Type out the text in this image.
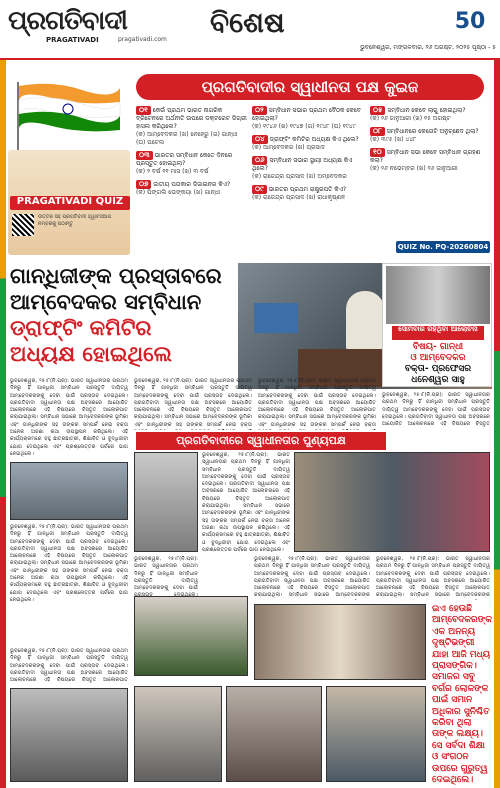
ପ୍ରଗତିବାଦୀ
PRAGATIVADI	pragativadi.com
ବିଶେଷ	50
ଭୁବନେଶ୍ୱର, ମଙ୍ଗଳବାର, ୨୬ ଅଗଷ୍ଟ, ୨୦୨୫ ପୃଷ୍ଠା - ୫
PRAGATIVADI QUIZ
ଉତ୍ତର ସହ ପ୍ରଗତିବାଦୀ ହ୍ୱାଟସଆପ ନମ୍ବରକୁ ପଠାନ୍ତୁ
ପ୍ରଗତିବାଦୀର ସ୍ୱାଧୀନତା ପକ୍ଷ କୁଇଜ
୦୧ କେଉଁ ପ୍ରଥମ ଭାରତ ନାଗରିକ ବ୍ରିଟେନରେ ଅର୍ଥନୀତି ଉପରେ ଡକ୍ଟରେଟ ଡିଗ୍ରୀ ହାସଲ କରିଥିଲେ?
(କ) ଆମ୍ବେଦକର (ଖ) ନେହେରୁ (ଗ) ଗାନ୍ଧୀ (ଘ) ପଟେଲ
୦୩ ଭାରତର ସମ୍ବିଧାନ କେତେ ଦିନରେ ପ୍ରସ୍ତୁତ ହୋଇଥିଲା?
(କ) ୨ ବର୍ଷ ୧୧ ମାସ (ଖ) ୩ ବର୍ଷ
୦୭ ଜାତୀୟ ପତାକାର ଡିଜାଇନର କିଏ?
(କ) ପିଙ୍ଗଲି ଭେଙ୍କୟା (ଖ) ଗାନ୍ଧୀ
୦୨ ସମ୍ବିଧାନ ସଭାର ପ୍ରଥମ ବୈଠକ କେବେ ହୋଇଥିଲା?
(କ) ୧୯୪୬ (ଖ) ୧୯୪୭ (ଗ) ୧୯୪୮ (ଘ) ୧୯୪୯
୦୪ ଡ୍ରାଫ୍ଟିଂ କମିଟିର ଅଧ୍ୟକ୍ଷ କିଏ ଥିଲେ?
(କ) ଆମ୍ବେଦକର (ଖ) ପ୍ରସାଦ
୦୬ ସମ୍ବିଧାନ ସଭାର ସ୍ଥାୟୀ ଅଧ୍ୟକ୍ଷ କିଏ ଥିଲେ?
(କ) ରାଜେନ୍ଦ୍ର ପ୍ରସାଦ (ଖ) ଅମ୍ବେଦକର
୦୯ ଭାରତର ପ୍ରଥମ ରାଷ୍ଟ୍ରପତି କିଏ?
(କ) ରାଜେନ୍ଦ୍ର ପ୍ରସାଦ (ଖ) ରାଧାକୃଷ୍ଣନ
୦୫ ସମ୍ବିଧାନ କେବେ ଲାଗୁ ହୋଇଥିଲା?
(କ) ୨୬ ଜାନୁଆରୀ (ଖ) ୧୫ ଅଗଷ୍ଟ
୦୮ ସମ୍ବିଧାନରେ କେତୋଟି ଅନୁଚ୍ଛେଦ ଥିଲା?
(କ) ୩୯୫ (ଖ) ୪୪୮
୧୦ ସମ୍ବିଧାନ ସଭା କେବେ ସମ୍ବିଧାନ ଗ୍ରହଣ କଲା?
(କ) ୨୬ ନଭେମ୍ବର (ଖ) ୨୬ ଜାନୁଆରୀ
QUIZ No. PQ-20260804
ଗାନ୍ଧିଜୀଙ୍କ ପ୍ରସ୍ତାବରେ
ଆମ୍ବେଦକର ସମ୍ବିଧାନ
ଡ୍ରାଫ୍ଟିଂ କମିଟିର
ଅଧ୍ୟକ୍ଷ ହୋଇଥିଲେ
ସୋମବାର ରହିଥିବା ଆଲୋଚନା
ବିଷୟ- ଗାନ୍ଧୀ
ଓ ଆମ୍ବେଦକର
ବକ୍ତା- ପ୍ରଫେସର
ଧନେଶ୍ୱର ସାହୁ
ଭୁବନେଶ୍ୱର, ୨୫।୮(ନି.ପ୍ର): ଭାରତ ସ୍ୱାଧୀନତାର ପ୍ରଥମ ଦିନରୁ ହିଁ ଗାନ୍ଧିଜୀ ସମ୍ବିଧାନ ପ୍ରସ୍ତୁତି ଦାୟିତ୍ୱ ଆମ୍ବେଦକରଙ୍କୁ ଦେବା ପାଇଁ ପ୍ରସ୍ତାବ ଦେଇଥିଲେ। ପ୍ରଗତିବାଦୀ ସ୍ୱାଧୀନତା ପକ୍ଷ ଅବସରରେ ଆୟୋଜିତ ଆଲୋଚନାରେ ଏହି ବିଷୟରେ ବିସ୍ତୃତ ଆଲୋକପାତ କରାଯାଇଥିଲା। ସମ୍ବିଧାନ ସଭାରେ ଆମ୍ବେଦକରଙ୍କ ଭୂମିକା ଏବଂ ଗାନ୍ଧିଜୀଙ୍କ ସହ ତାଙ୍କର ସମ୍ପର୍କ ନେଇ ବକ୍ତା ଅନେକ ଅଜଣା କଥା ଉପସ୍ଥାପନ କରିଥିଲେ। ଏହି କାର୍ଯ୍ୟକ୍ରମରେ ବହୁ ଛାତ୍ରଛାତ୍ରୀ, ଶିକ୍ଷାବିତ ଓ ବୁଦ୍ଧିଜୀବୀ ଯୋଗ ଦେଇଥିଲେ ଏବଂ ପ୍ରଶ୍ନୋତ୍ତର ପର୍ବରେ ଭାଗ ନେଇଥିଲେ।
ଭୁବନେଶ୍ୱର, ୨୫।୮(ନି.ପ୍ର): ଭାରତ ସ୍ୱାଧୀନତାର ପ୍ରଥମ ଦିନରୁ ହିଁ ଗାନ୍ଧିଜୀ ସମ୍ବିଧାନ ପ୍ରସ୍ତୁତି ଦାୟିତ୍ୱ ଆମ୍ବେଦକରଙ୍କୁ ଦେବା ପାଇଁ ପ୍ରସ୍ତାବ ଦେଇଥିଲେ। ପ୍ରଗତିବାଦୀ ସ୍ୱାଧୀନତା ପକ୍ଷ ଅବସରରେ ଆୟୋଜିତ ଆଲୋଚନାରେ ଏହି ବିଷୟରେ ବିସ୍ତୃତ ଆଲୋକପାତ କରାଯାଇଥିଲା। ସମ୍ବିଧାନ ସଭାରେ ଆମ୍ବେଦକରଙ୍କ ଭୂମିକା ଏବଂ ଗାନ୍ଧିଜୀଙ୍କ ସହ ତାଙ୍କର ସମ୍ପର୍କ ନେଇ ବକ୍ତା
ଭୁବନେଶ୍ୱର, ୨୫।୮(ନି.ପ୍ର): ଭାରତ ସ୍ୱାଧୀନତାର ପ୍ରଥମ ଦିନରୁ ହିଁ ଗାନ୍ଧିଜୀ ସମ୍ବିଧାନ ପ୍ରସ୍ତୁତି ଦାୟିତ୍ୱ ଆମ୍ବେଦକରଙ୍କୁ ଦେବା ପାଇଁ ପ୍ରସ୍ତାବ ଦେଇଥିଲେ। ପ୍ରଗତିବାଦୀ ସ୍ୱାଧୀନତା ପକ୍ଷ ଅବସରରେ ଆୟୋଜିତ ଆଲୋଚନାରେ ଏହି ବିଷୟରେ ବିସ୍ତୃତ ଆଲୋକପାତ କରାଯାଇଥିଲା। ସମ୍ବିଧାନ ସଭାରେ ଆମ୍ବେଦକରଙ୍କ ଭୂମିକା ଏବଂ ଗାନ୍ଧିଜୀଙ୍କ ସହ ତାଙ୍କର ସମ୍ପର୍କ ନେଇ ବକ୍ତା
ଭୁବନେଶ୍ୱର, ୨୫।୮(ନି.ପ୍ର): ଭାରତ ସ୍ୱାଧୀନତାର ପ୍ରଥମ ଦିନରୁ ହିଁ ଗାନ୍ଧିଜୀ ସମ୍ବିଧାନ ପ୍ରସ୍ତୁତି ଦାୟିତ୍ୱ ଆମ୍ବେଦକରଙ୍କୁ ଦେବା ପାଇଁ ପ୍ରସ୍ତାବ ଦେଇଥିଲେ। ପ୍ରଗତିବାଦୀ ସ୍ୱାଧୀନତା ପକ୍ଷ ଅବସରରେ ଆୟୋଜିତ ଆଲୋଚନାରେ ଏହି ବିଷୟରେ ବିସ୍ତୃତ
ପ୍ରଗତିବାଦୀରେ ସ୍ୱାଧୀନତାର ପୁଣ୍ୟପକ୍ଷ
ଭୁବନେଶ୍ୱର, ୨୫।୮(ନି.ପ୍ର): ଭାରତ ସ୍ୱାଧୀନତାର ପ୍ରଥମ ଦିନରୁ ହିଁ ଗାନ୍ଧିଜୀ ସମ୍ବିଧାନ ପ୍ରସ୍ତୁତି ଦାୟିତ୍ୱ ଆମ୍ବେଦକରଙ୍କୁ ଦେବା ପାଇଁ ପ୍ରସ୍ତାବ ଦେଇଥିଲେ। ପ୍ରଗତିବାଦୀ ସ୍ୱାଧୀନତା ପକ୍ଷ ଅବସରରେ ଆୟୋଜିତ ଆଲୋଚନାରେ ଏହି ବିଷୟରେ ବିସ୍ତୃତ ଆଲୋକପାତ କରାଯାଇଥିଲା। ସମ୍ବିଧାନ ସଭାରେ ଆମ୍ବେଦକରଙ୍କ ଭୂମିକା ଏବଂ ଗାନ୍ଧିଜୀଙ୍କ ସହ ତାଙ୍କର ସମ୍ପର୍କ ନେଇ ବକ୍ତା ଅନେକ ଅଜଣା କଥା ଉପସ୍ଥାପନ କରିଥିଲେ। ଏହି କାର୍ଯ୍ୟକ୍ରମରେ ବହୁ ଛାତ୍ରଛାତ୍ରୀ, ଶିକ୍ଷାବିତ ଓ ବୁଦ୍ଧିଜୀବୀ ଯୋଗ ଦେଇଥିଲେ ଏବଂ ପ୍ରଶ୍ନୋତ୍ତର ପର୍ବରେ ଭାଗ ନେଇଥିଲେ।
ଭୁବନେଶ୍ୱର, ୨୫।୮(ନି.ପ୍ର): ଭାରତ ସ୍ୱାଧୀନତାର ପ୍ରଥମ ଦିନରୁ ହିଁ ଗାନ୍ଧିଜୀ ସମ୍ବିଧାନ ପ୍ରସ୍ତୁତି ଦାୟିତ୍ୱ ଆମ୍ବେଦକରଙ୍କୁ ଦେବା ପାଇଁ ପ୍ରସ୍ତାବ ଦେଇଥିଲେ। ପ୍ରଗତିବାଦୀ ସ୍ୱାଧୀନତା ପକ୍ଷ ଅବସରରେ ଆୟୋଜିତ ଆଲୋଚନାରେ ଏହି ବିଷୟରେ ବିସ୍ତୃତ ଆଲୋକପାତ କରାଯାଇଥିଲା। ସମ୍ବିଧାନ ସଭାରେ ଆମ୍ବେଦକରଙ୍କ ଭୂମିକା ଏବଂ ଗାନ୍ଧିଜୀଙ୍କ ସହ ତାଙ୍କର ସମ୍ପର୍କ ନେଇ ବକ୍ତା ଅନେକ ଅଜଣା କଥା ଉପସ୍ଥାପନ କରିଥିଲେ। ଏହି କାର୍ଯ୍ୟକ୍ରମରେ ବହୁ ଛାତ୍ରଛାତ୍ରୀ, ଶିକ୍ଷାବିତ ଓ ବୁଦ୍ଧିଜୀବୀ ଯୋଗ ଦେଇଥିଲେ ଏବଂ ପ୍ରଶ୍ନୋତ୍ତର ପର୍ବରେ ଭାଗ ନେଇଥିଲେ।
ଭୁବନେଶ୍ୱର, ୨୫।୮(ନି.ପ୍ର): ଭାରତ ସ୍ୱାଧୀନତାର ପ୍ରଥମ ଦିନରୁ ହିଁ ଗାନ୍ଧିଜୀ ସମ୍ବିଧାନ ପ୍ରସ୍ତୁତି ଦାୟିତ୍ୱ ଆମ୍ବେଦକରଙ୍କୁ ଦେବା ପାଇଁ
ଭୁବନେଶ୍ୱର, ୨୫।୮(ନି.ପ୍ର): ଭାରତ ସ୍ୱାଧୀନତାର ପ୍ରଥମ ଦିନରୁ ହିଁ ଗାନ୍ଧିଜୀ ସମ୍ବିଧାନ ପ୍ରସ୍ତୁତି ଦାୟିତ୍ୱ ଆମ୍ବେଦକରଙ୍କୁ ଦେବା ପାଇଁ ପ୍ରସ୍ତାବ ଦେଇଥିଲେ। ପ୍ରଗତିବାଦୀ ସ୍ୱାଧୀନତା ପକ୍ଷ ଅବସରରେ ଆୟୋଜିତ ଆଲୋଚନାରେ ଏହି ବିଷୟରେ ବିସ୍ତୃତ ଆଲୋକପାତ କରାଯାଇଥିଲା। ସମ୍ବିଧାନ ସଭାରେ ଆମ୍ବେଦକରଙ୍କ
ଭୁବନେଶ୍ୱର, ୨୫।୮(ନି.ପ୍ର): ଭାରତ ସ୍ୱାଧୀନତାର ପ୍ରଥମ ଦିନରୁ ହିଁ ଗାନ୍ଧିଜୀ ସମ୍ବିଧାନ ପ୍ରସ୍ତୁତି ଦାୟିତ୍ୱ ଆମ୍ବେଦକରଙ୍କୁ ଦେବା ପାଇଁ ପ୍ରସ୍ତାବ ଦେଇଥିଲେ। ପ୍ରଗତିବାଦୀ ସ୍ୱାଧୀନତା ପକ୍ଷ ଅବସରରେ ଆୟୋଜିତ ଆଲୋଚନାରେ ଏହି ବିଷୟରେ ବିସ୍ତୃତ ଆଲୋକପାତ କରାଯାଇଥିଲା। ସମ୍ବିଧାନ ସଭାରେ ଆମ୍ବେଦକରଙ୍କ
ଇଏ ହେଉଛି ଆମ୍ବେଦକରଙ୍କ ଏକ ଅନନ୍ୟ ଦୃଷ୍ଟିଭଙ୍ଗୀ ଯାହା ଆଜି ମଧ୍ୟ ପ୍ରାସଙ୍ଗିକ। ସମାଜର ସବୁ ବର୍ଗର ଲୋକଙ୍କ ପାଇଁ ସମାନ ଅଧିକାର ସୁନିଶ୍ଚିତ କରିବା ଥିଲା ତାଙ୍କ ଲକ୍ଷ୍ୟ। ସେ ସର୍ବଦା ଶିକ୍ଷା ଓ ସଂଗଠନ ଉପରେ ଗୁରୁତ୍ୱ ଦେଇଥିଲେ।
ଭୁବନେଶ୍ୱର, ୨୫।୮(ନି.ପ୍ର): ଭାରତ ସ୍ୱାଧୀନତାର ପ୍ରଥମ ଦିନରୁ ହିଁ ଗାନ୍ଧିଜୀ ସମ୍ବିଧାନ ପ୍ରସ୍ତୁତି ଦାୟିତ୍ୱ ଆମ୍ବେଦକରଙ୍କୁ ଦେବା ପାଇଁ ପ୍ରସ୍ତାବ ଦେଇଥିଲେ। ପ୍ରଗତିବାଦୀ ସ୍ୱାଧୀନତା ପକ୍ଷ ଅବସରରେ ଆୟୋଜିତ ଆଲୋଚନାରେ ଏହି ବିଷୟରେ ବିସ୍ତୃତ ଆଲୋକପାତ
